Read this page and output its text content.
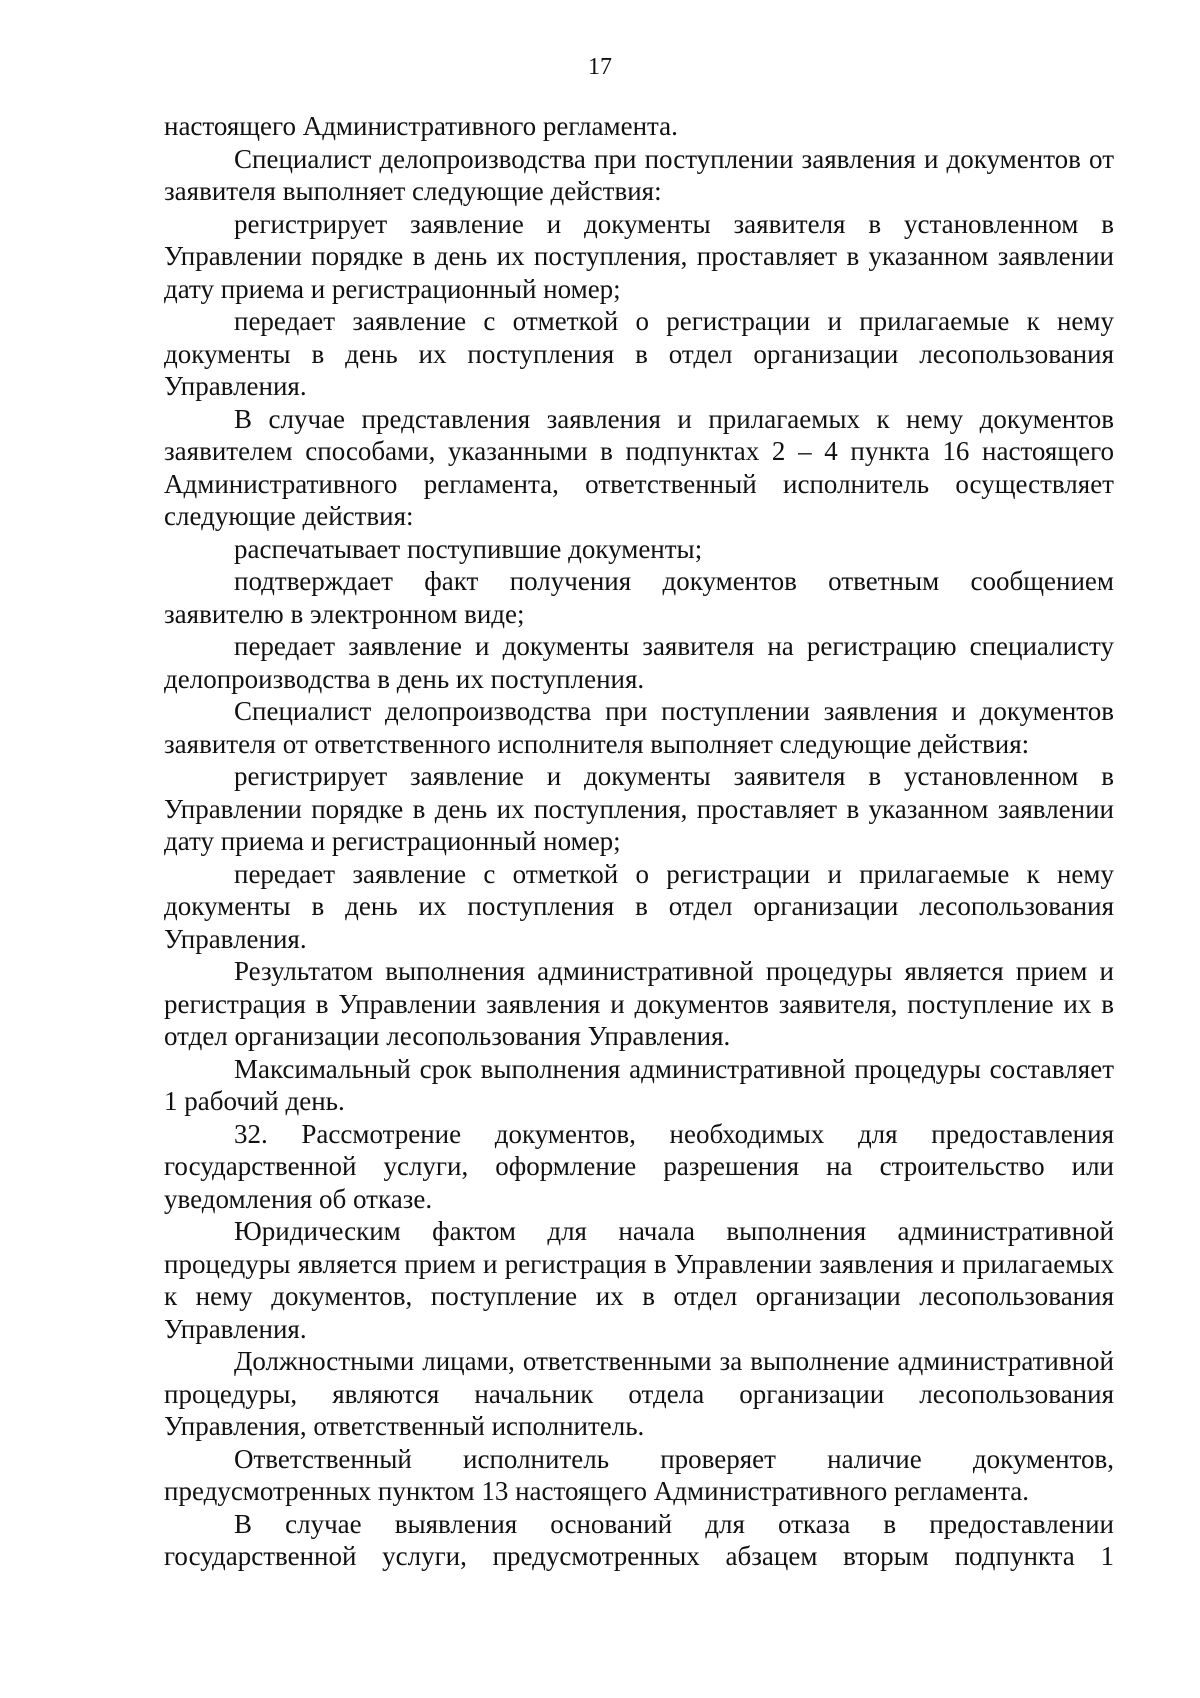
17

настоящего Административного регламента.

Специалист делопроизводства при поступлении заявления и документов от заявителя выполняет следующие действия:

регистрирует заявление и документы заявителя в установленном в Управлении порядке в день их поступления, проставляет в указанном заявлении дату приема и регистрационный номер;

передает заявление с отметкой о регистрации и прилагаемые к нему документы в день их поступления в отдел организации лесопользования Управления.

В случае представления заявления и прилагаемых к нему документов заявителем способами, указанными в подпунктах 2 – 4 пункта 16 настоящего Административного регламента, ответственный исполнитель осуществляет следующие действия:

распечатывает поступившие документы;

подтверждает факт получения документов ответным сообщением заявителю в электронном виде;

передает заявление и документы заявителя на регистрацию специалисту делопроизводства в день их поступления.

Специалист делопроизводства при поступлении заявления и документов заявителя от ответственного исполнителя выполняет следующие действия:

регистрирует заявление и документы заявителя в установленном в Управлении порядке в день их поступления, проставляет в указанном заявлении дату приема и регистрационный номер;

передает заявление с отметкой о регистрации и прилагаемые к нему документы в день их поступления в отдел организации лесопользования Управления.

Результатом выполнения административной процедуры является прием и регистрация в Управлении заявления и документов заявителя, поступление их в отдел организации лесопользования Управления.

Максимальный срок выполнения административной процедуры составляет 1 рабочий день.

32. Рассмотрение документов, необходимых для предоставления государственной услуги, оформление разрешения на строительство или уведомления об отказе.

Юридическим фактом для начала выполнения административной процедуры является прием и регистрация в Управлении заявления и прилагаемых к нему документов, поступление их в отдел организации лесопользования Управления.

Должностными лицами, ответственными за выполнение административной процедуры, являются начальник отдела организации лесопользования Управления, ответственный исполнитель.

Ответственный исполнитель проверяет наличие документов, предусмотренных пунктом 13 настоящего Административного регламента.

В случае выявления оснований для отказа в предоставлении государственной услуги, предусмотренных абзацем вторым подпункта 1
